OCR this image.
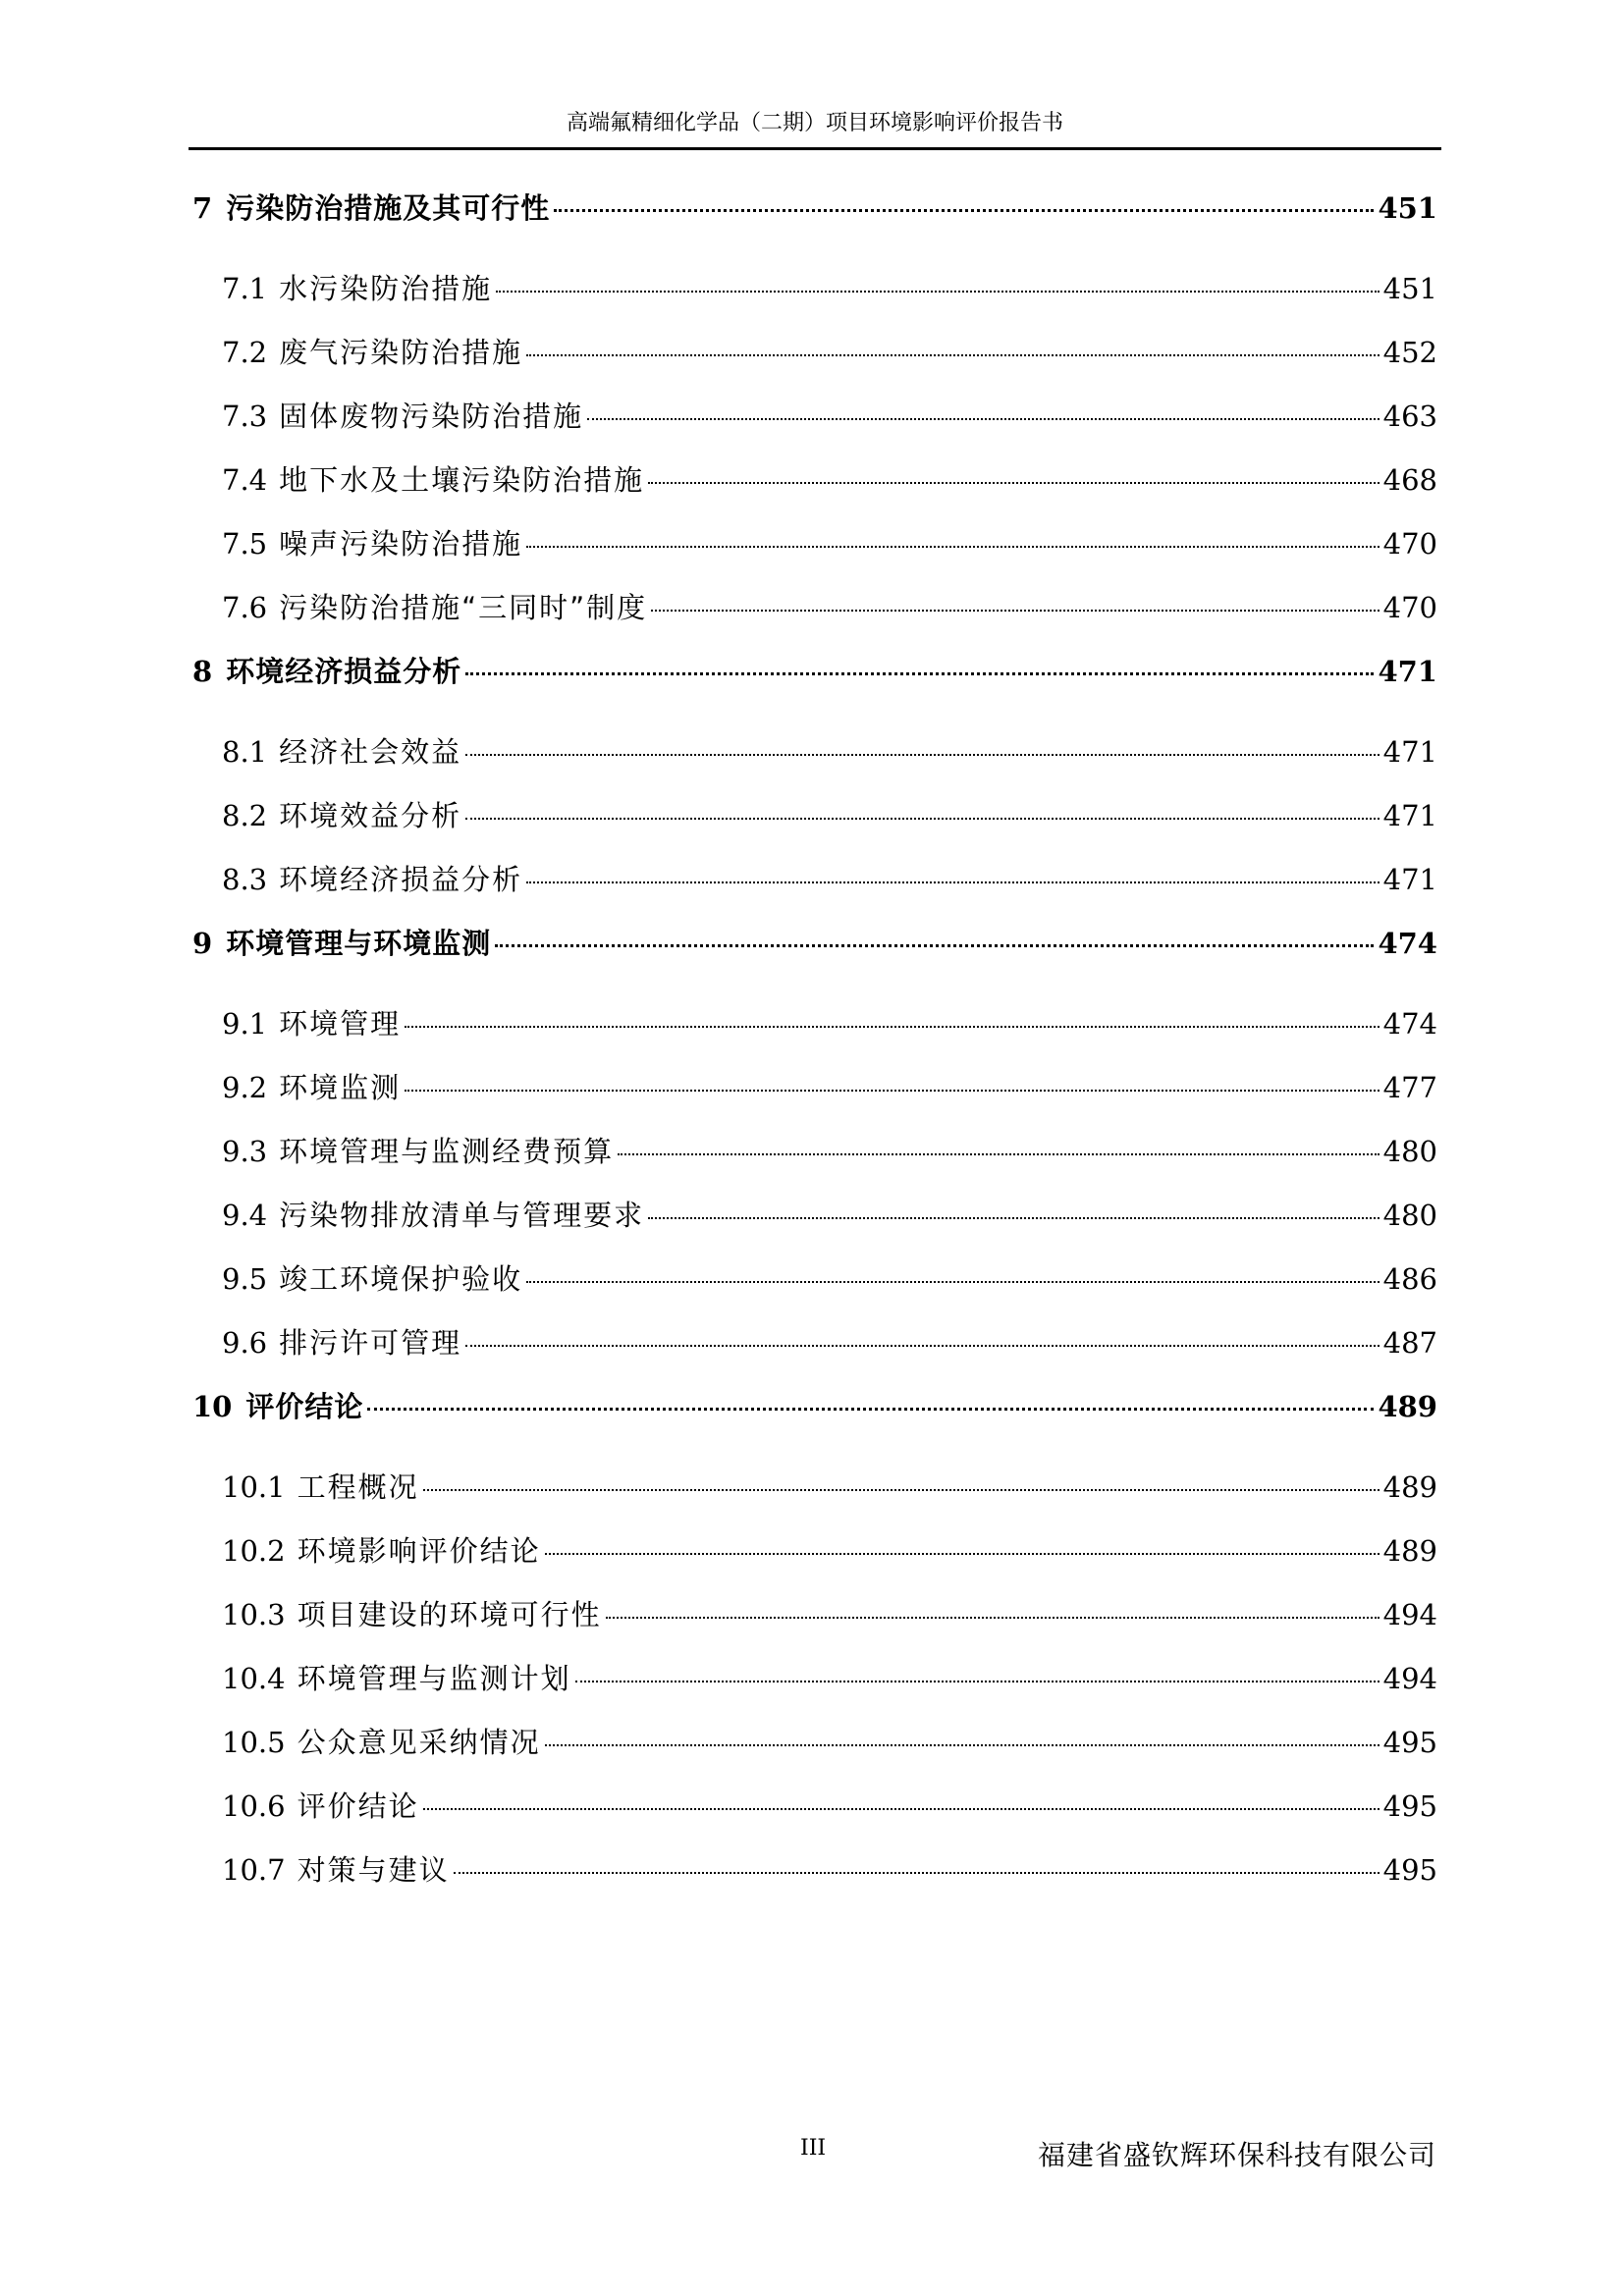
高端氟精细化学品（二期）项目环境影响评价报告书
7 污染防治措施及其可行性	451
7.1 水污染防治措施	451
7.2 废气污染防治措施	452
7.3 固体废物污染防治措施	463
7.4 地下水及土壤污染防治措施	468
7.5 噪声污染防治措施	470
7.6 污染防治措施“三同时”制度	470
8 环境经济损益分析	471
8.1 经济社会效益	471
8.2 环境效益分析	471
8.3 环境经济损益分析	471
9 环境管理与环境监测	474
9.1 环境管理	474
9.2 环境监测	477
9.3 环境管理与监测经费预算	480
9.4 污染物排放清单与管理要求	480
9.5 竣工环境保护验收	486
9.6 排污许可管理	487
10 评价结论	489
10.1 工程概况	489
10.2 环境影响评价结论	489
10.3 项目建设的环境可行性	494
10.4 环境管理与监测计划	494
10.5 公众意见采纳情况	495
10.6 评价结论	495
10.7 对策与建议	495
III	福建省盛钦辉环保科技有限公司
